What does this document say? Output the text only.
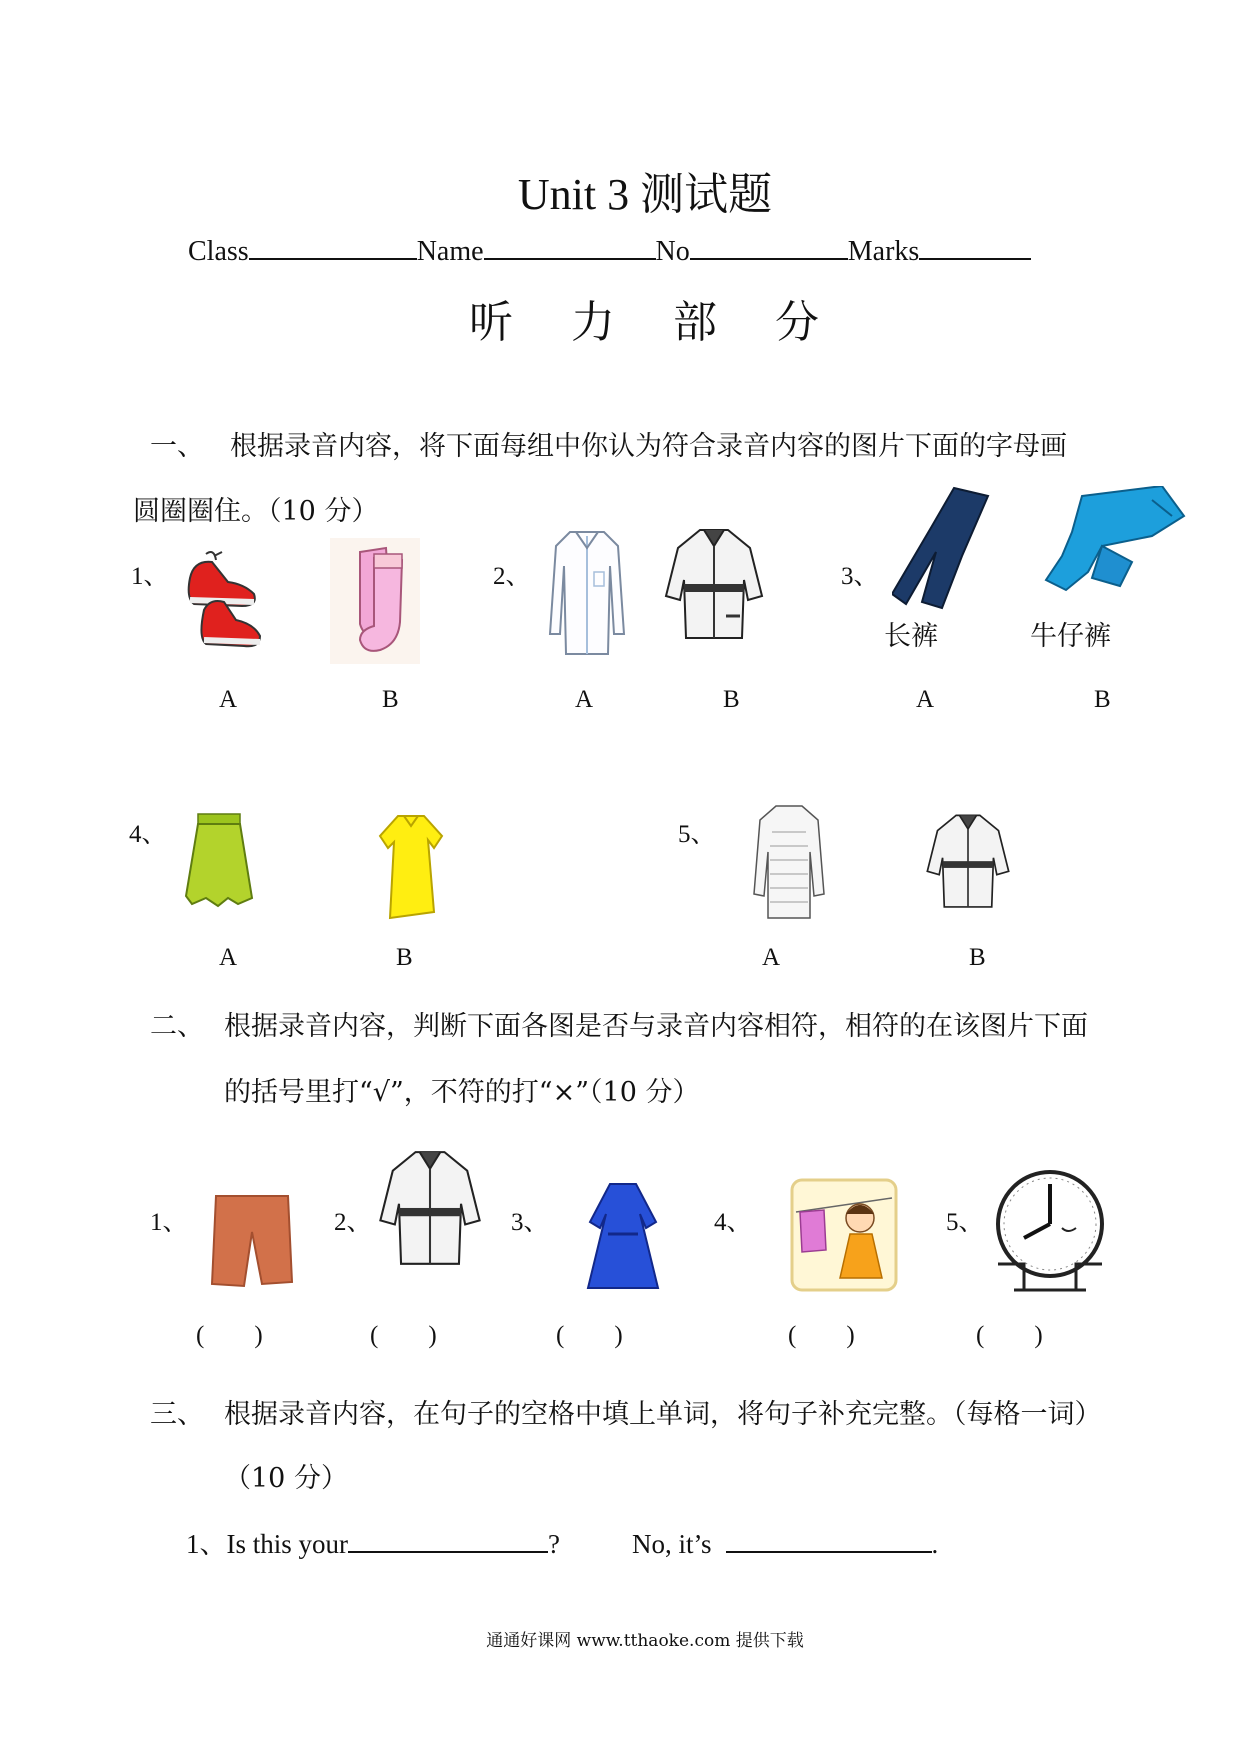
Unit 3 测试题
Class	Name	No	Marks
听 力 部 分
一、 根据录音内容，将下面每组中你认为符合录音内容的图片下面的字母画
圆圈圈住。（10 分）
1、
A	B
2、
A	B
3、
长裤	牛仔裤
A	B
4、
A	B
5、
A	B
二、 根据录音内容，判断下面各图是否与录音内容相符，相符的在该图片下面
的括号里打“√”，不符的打“×”（10 分）
1、	2、	3、	4、	5、
(        )	(        )	(        )	(        )	(        )
三、 根据录音内容，在句子的空格中填上单词，将句子补充完整。（每格一词）
（10 分）
1、Is this your	?	No, it’s	.
通通好课网 www.tthaoke.com 提供下载
